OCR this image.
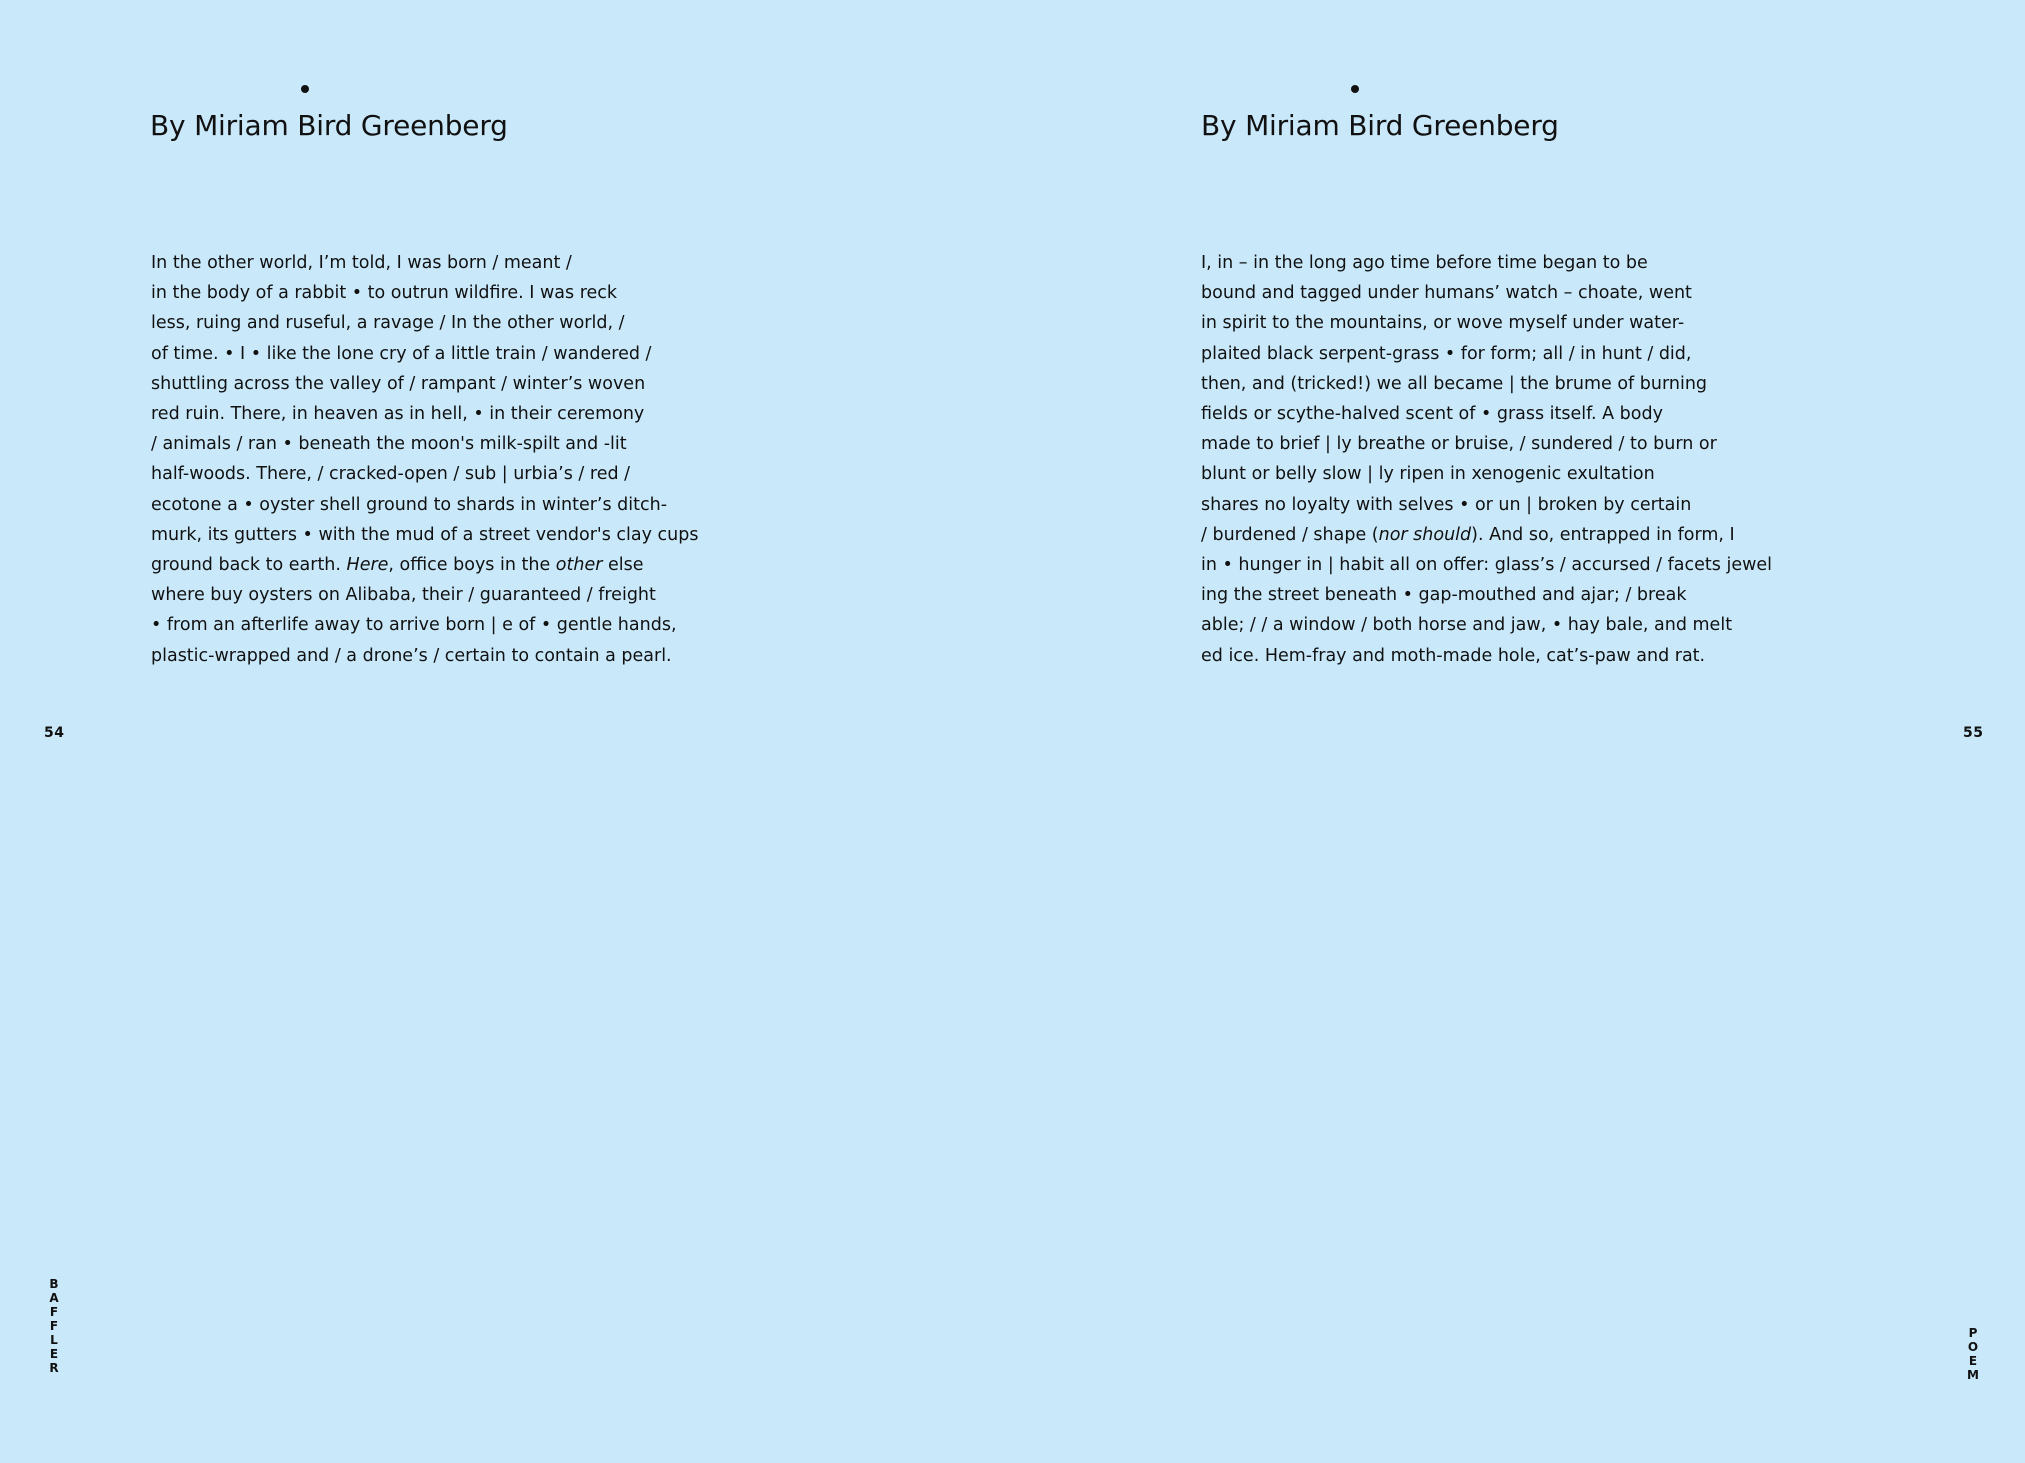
By Miriam Bird Greenberg
In the other world, I’m told, I was born / meant /
in the body of a rabbit • to outrun wildfire. I was reck
less, ruing and ruseful, a ravage / In the other world, /
of time. • I • like the lone cry of a little train / wandered /
shuttling across the valley of / rampant / winter’s woven
red ruin. There, in heaven as in hell, • in their ceremony
/ animals / ran • beneath the moon's milk-spilt and -lit
half-woods. There, / cracked-open / sub | urbia’s / red /
ecotone a • oyster shell ground to shards in winter’s ditch-
murk, its gutters • with the mud of a street vendor's clay cups
ground back to earth. Here, office boys in the other else
where buy oysters on Alibaba, their / guaranteed / freight
• from an afterlife away to arrive born | e of • gentle hands,
plastic-wrapped and / a drone’s / certain to contain a pearl.
54
B
A
F
F
L
E
R
By Miriam Bird Greenberg
I, in – in the long ago time before time began to be
bound and tagged under humans’ watch – choate, went
in spirit to the mountains, or wove myself under water-
plaited black serpent-grass • for form; all / in hunt / did,
then, and (tricked!) we all became | the brume of burning
fields or scythe-halved scent of • grass itself. A body
made to brief | ly breathe or bruise, / sundered / to burn or
blunt or belly slow | ly ripen in xenogenic exultation
shares no loyalty with selves • or un | broken by certain
/ burdened / shape (nor should). And so, entrapped in form, I
in • hunger in | habit all on offer: glass’s / accursed / facets jewel
ing the street beneath • gap-mouthed and ajar; / break
able; / / a window / both horse and jaw, • hay bale, and melt
ed ice. Hem-fray and moth-made hole, cat’s-paw and rat.
55
P
O
E
M
